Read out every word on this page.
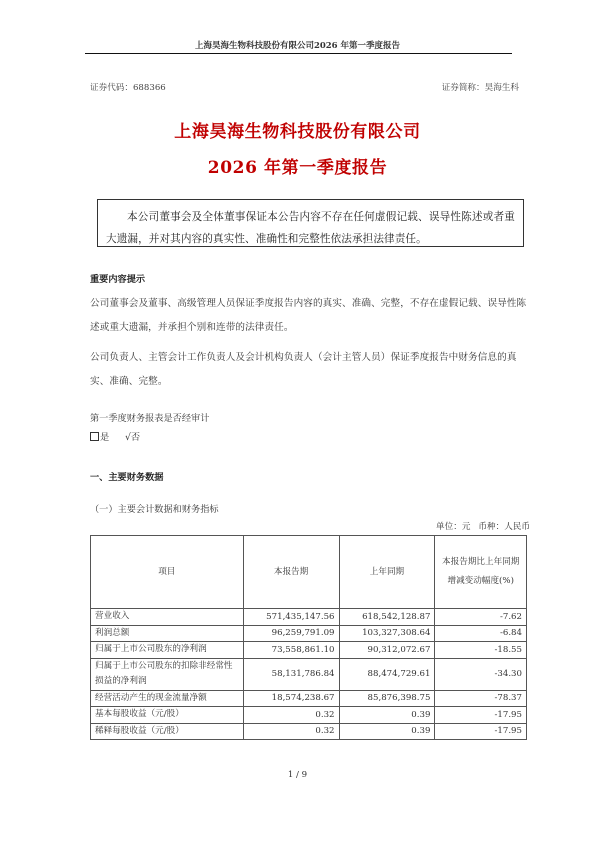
上海昊海生物科技股份有限公司2026 年第一季度报告
证券代码：688366	证券简称：昊海生科
上海昊海生物科技股份有限公司
2026 年第一季度报告
本公司董事会及全体董事保证本公告内容不存在任何虚假记载、误导性陈述或者重大遗漏，并对其内容的真实性、准确性和完整性依法承担法律责任。
重要内容提示
公司董事会及董事、高级管理人员保证季度报告内容的真实、准确、完整，不存在虚假记载、误导性陈述或重大遗漏，并承担个别和连带的法律责任。
公司负责人、主管会计工作负责人及会计机构负责人（会计主管人员）保证季度报告中财务信息的真实、准确、完整。
第一季度财务报表是否经审计
是 √否
一、主要财务数据
（一）主要会计数据和财务指标
单位：元 币种：人民币
项目	本报告期	上年同期	本报告期比上年同期增减变动幅度(%)
营业收入	571,435,147.56	618,542,128.87	-7.62
利润总额	96,259,791.09	103,327,308.64	-6.84
归属于上市公司股东的净利润	73,558,861.10	90,312,072.67	-18.55
归属于上市公司股东的扣除非经常性损益的净利润	58,131,786.84	88,474,729.61	-34.30
经营活动产生的现金流量净额	18,574,238.67	85,876,398.75	-78.37
基本每股收益（元/股）	0.32	0.39	-17.95
稀释每股收益（元/股）	0.32	0.39	-17.95
1 / 9
